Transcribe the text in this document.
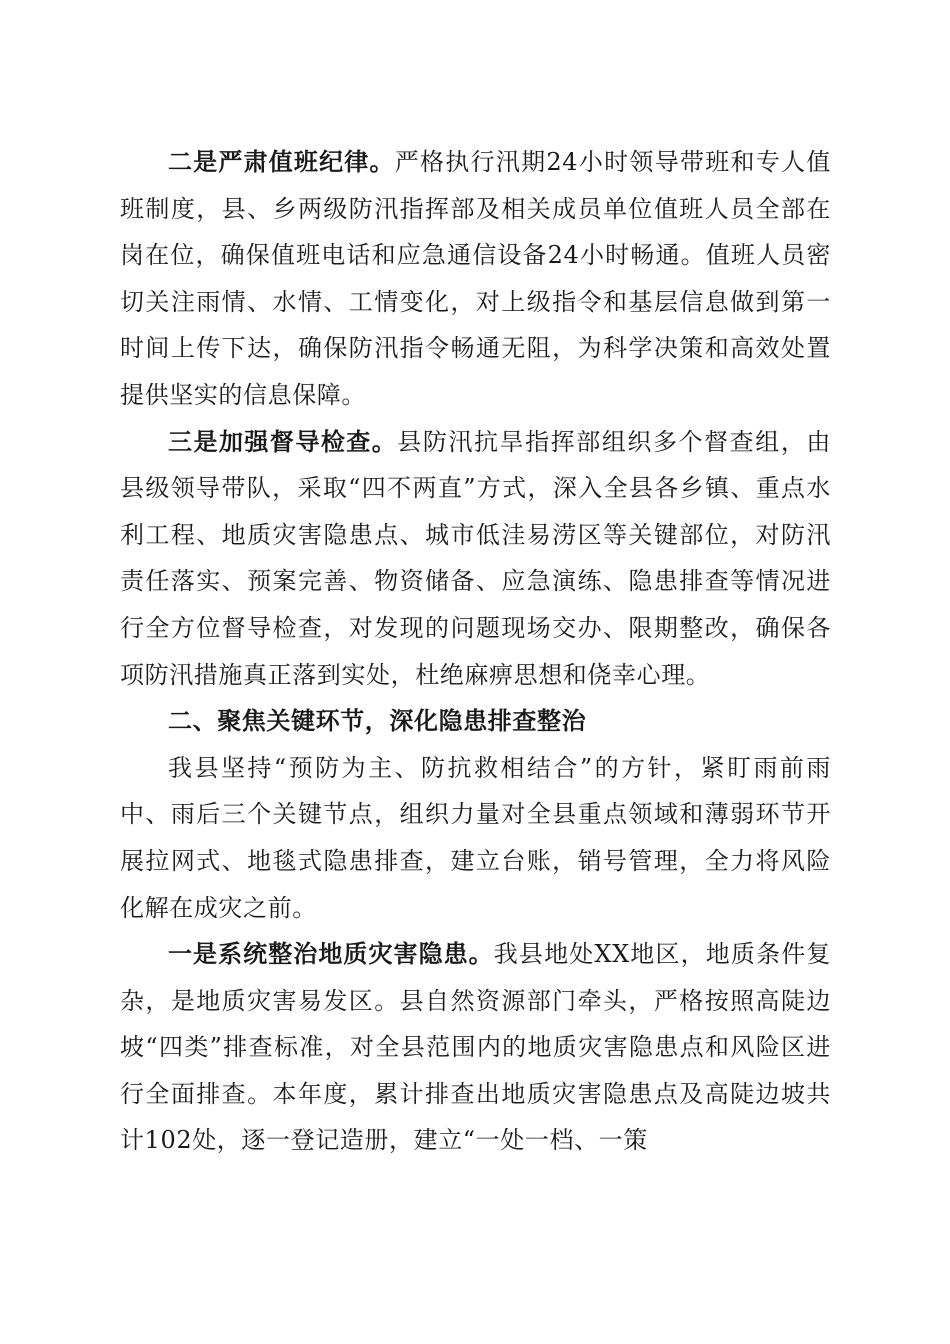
二是严肃值班纪律。严格执行汛期24小时领导带班和专人值班制度，县、乡两级防汛指挥部及相关成员单位值班人员全部在岗在位，确保值班电话和应急通信设备24小时畅通。值班人员密切关注雨情、水情、工情变化，对上级指令和基层信息做到第一时间上传下达，确保防汛指令畅通无阻，为科学决策和高效处置提供坚实的信息保障。

三是加强督导检查。县防汛抗旱指挥部组织多个督查组，由县级领导带队，采取“四不两直”方式，深入全县各乡镇、重点水利工程、地质灾害隐患点、城市低洼易涝区等关键部位，对防汛责任落实、预案完善、物资储备、应急演练、隐患排查等情况进行全方位督导检查，对发现的问题现场交办、限期整改，确保各项防汛措施真正落到实处，杜绝麻痹思想和侥幸心理。

二、聚焦关键环节，深化隐患排查整治

我县坚持“预防为主、防抗救相结合”的方针，紧盯雨前雨中、雨后三个关键节点，组织力量对全县重点领域和薄弱环节开展拉网式、地毯式隐患排查，建立台账，销号管理，全力将风险化解在成灾之前。

一是系统整治地质灾害隐患。我县地处XX地区，地质条件复杂，是地质灾害易发区。县自然资源部门牵头，严格按照高陡边坡“四类”排查标准，对全县范围内的地质灾害隐患点和风险区进行全面排查。本年度，累计排查出地质灾害隐患点及高陡边坡共计102处，逐一登记造册，建立“一处一档、一策
